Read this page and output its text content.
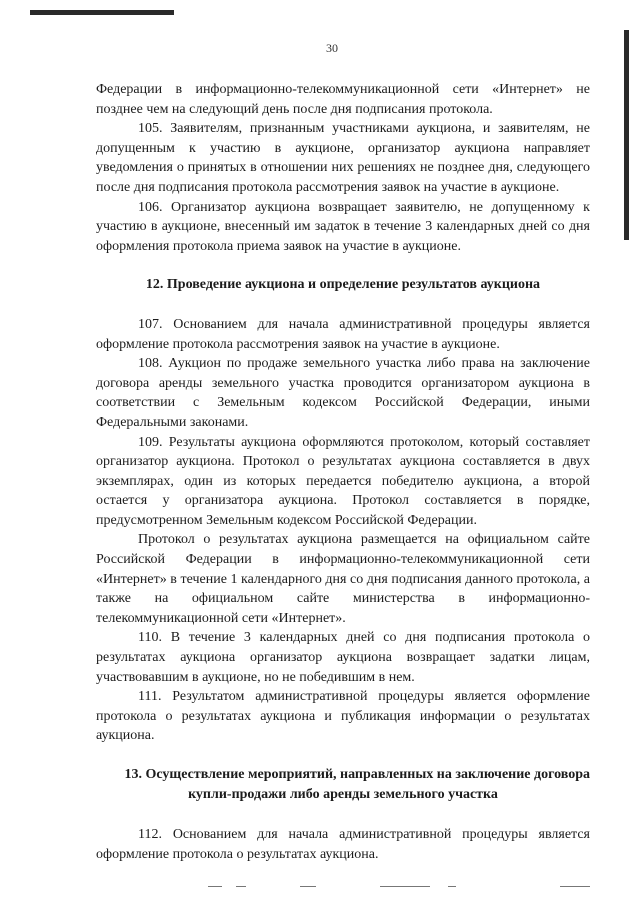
30

Федерации в информационно-телекоммуникационной сети «Интернет» не позднее чем на следующий день после дня подписания протокола.

105. Заявителям, признанным участниками аукциона, и заявителям, не допущенным к участию в аукционе, организатор аукциона направляет уведомления о принятых в отношении них решениях не позднее дня, следующего после дня подписания протокола рассмотрения заявок на участие в аукционе.

106. Организатор аукциона возвращает заявителю, не допущенному к участию в аукционе, внесенный им задаток в течение 3 календарных дней со дня оформления протокола приема заявок на участие в аукционе.

12. Проведение аукциона и определение результатов аукциона

107. Основанием для начала административной процедуры является оформление протокола рассмотрения заявок на участие в аукционе.

108. Аукцион по продаже земельного участка либо права на заключение договора аренды земельного участка проводится организатором аукциона в соответствии с Земельным кодексом Российской Федерации, иными Федеральными законами.

109. Результаты аукциона оформляются протоколом, который составляет организатор аукциона. Протокол о результатах аукциона составляется в двух экземплярах, один из которых передается победителю аукциона, а второй остается у организатора аукциона. Протокол составляется в порядке, предусмотренном Земельным кодексом Российской Федерации.

Протокол о результатах аукциона размещается на официальном сайте Российской Федерации в информационно-телекоммуникационной сети «Интернет» в течение 1 календарного дня со дня подписания данного протокола, а также на официальном сайте министерства в информационно-телекоммуникационной сети «Интернет».

110. В течение 3 календарных дней со дня подписания протокола о результатах аукциона организатор аукциона возвращает задатки лицам, участвовавшим в аукционе, но не победившим в нем.

111. Результатом административной процедуры является оформление протокола о результатах аукциона и публикация информации о результатах аукциона.

13. Осуществление мероприятий, направленных на заключение договора
купли-продажи либо аренды земельного участка

112. Основанием для начала административной процедуры является оформление протокола о результатах аукциона.
